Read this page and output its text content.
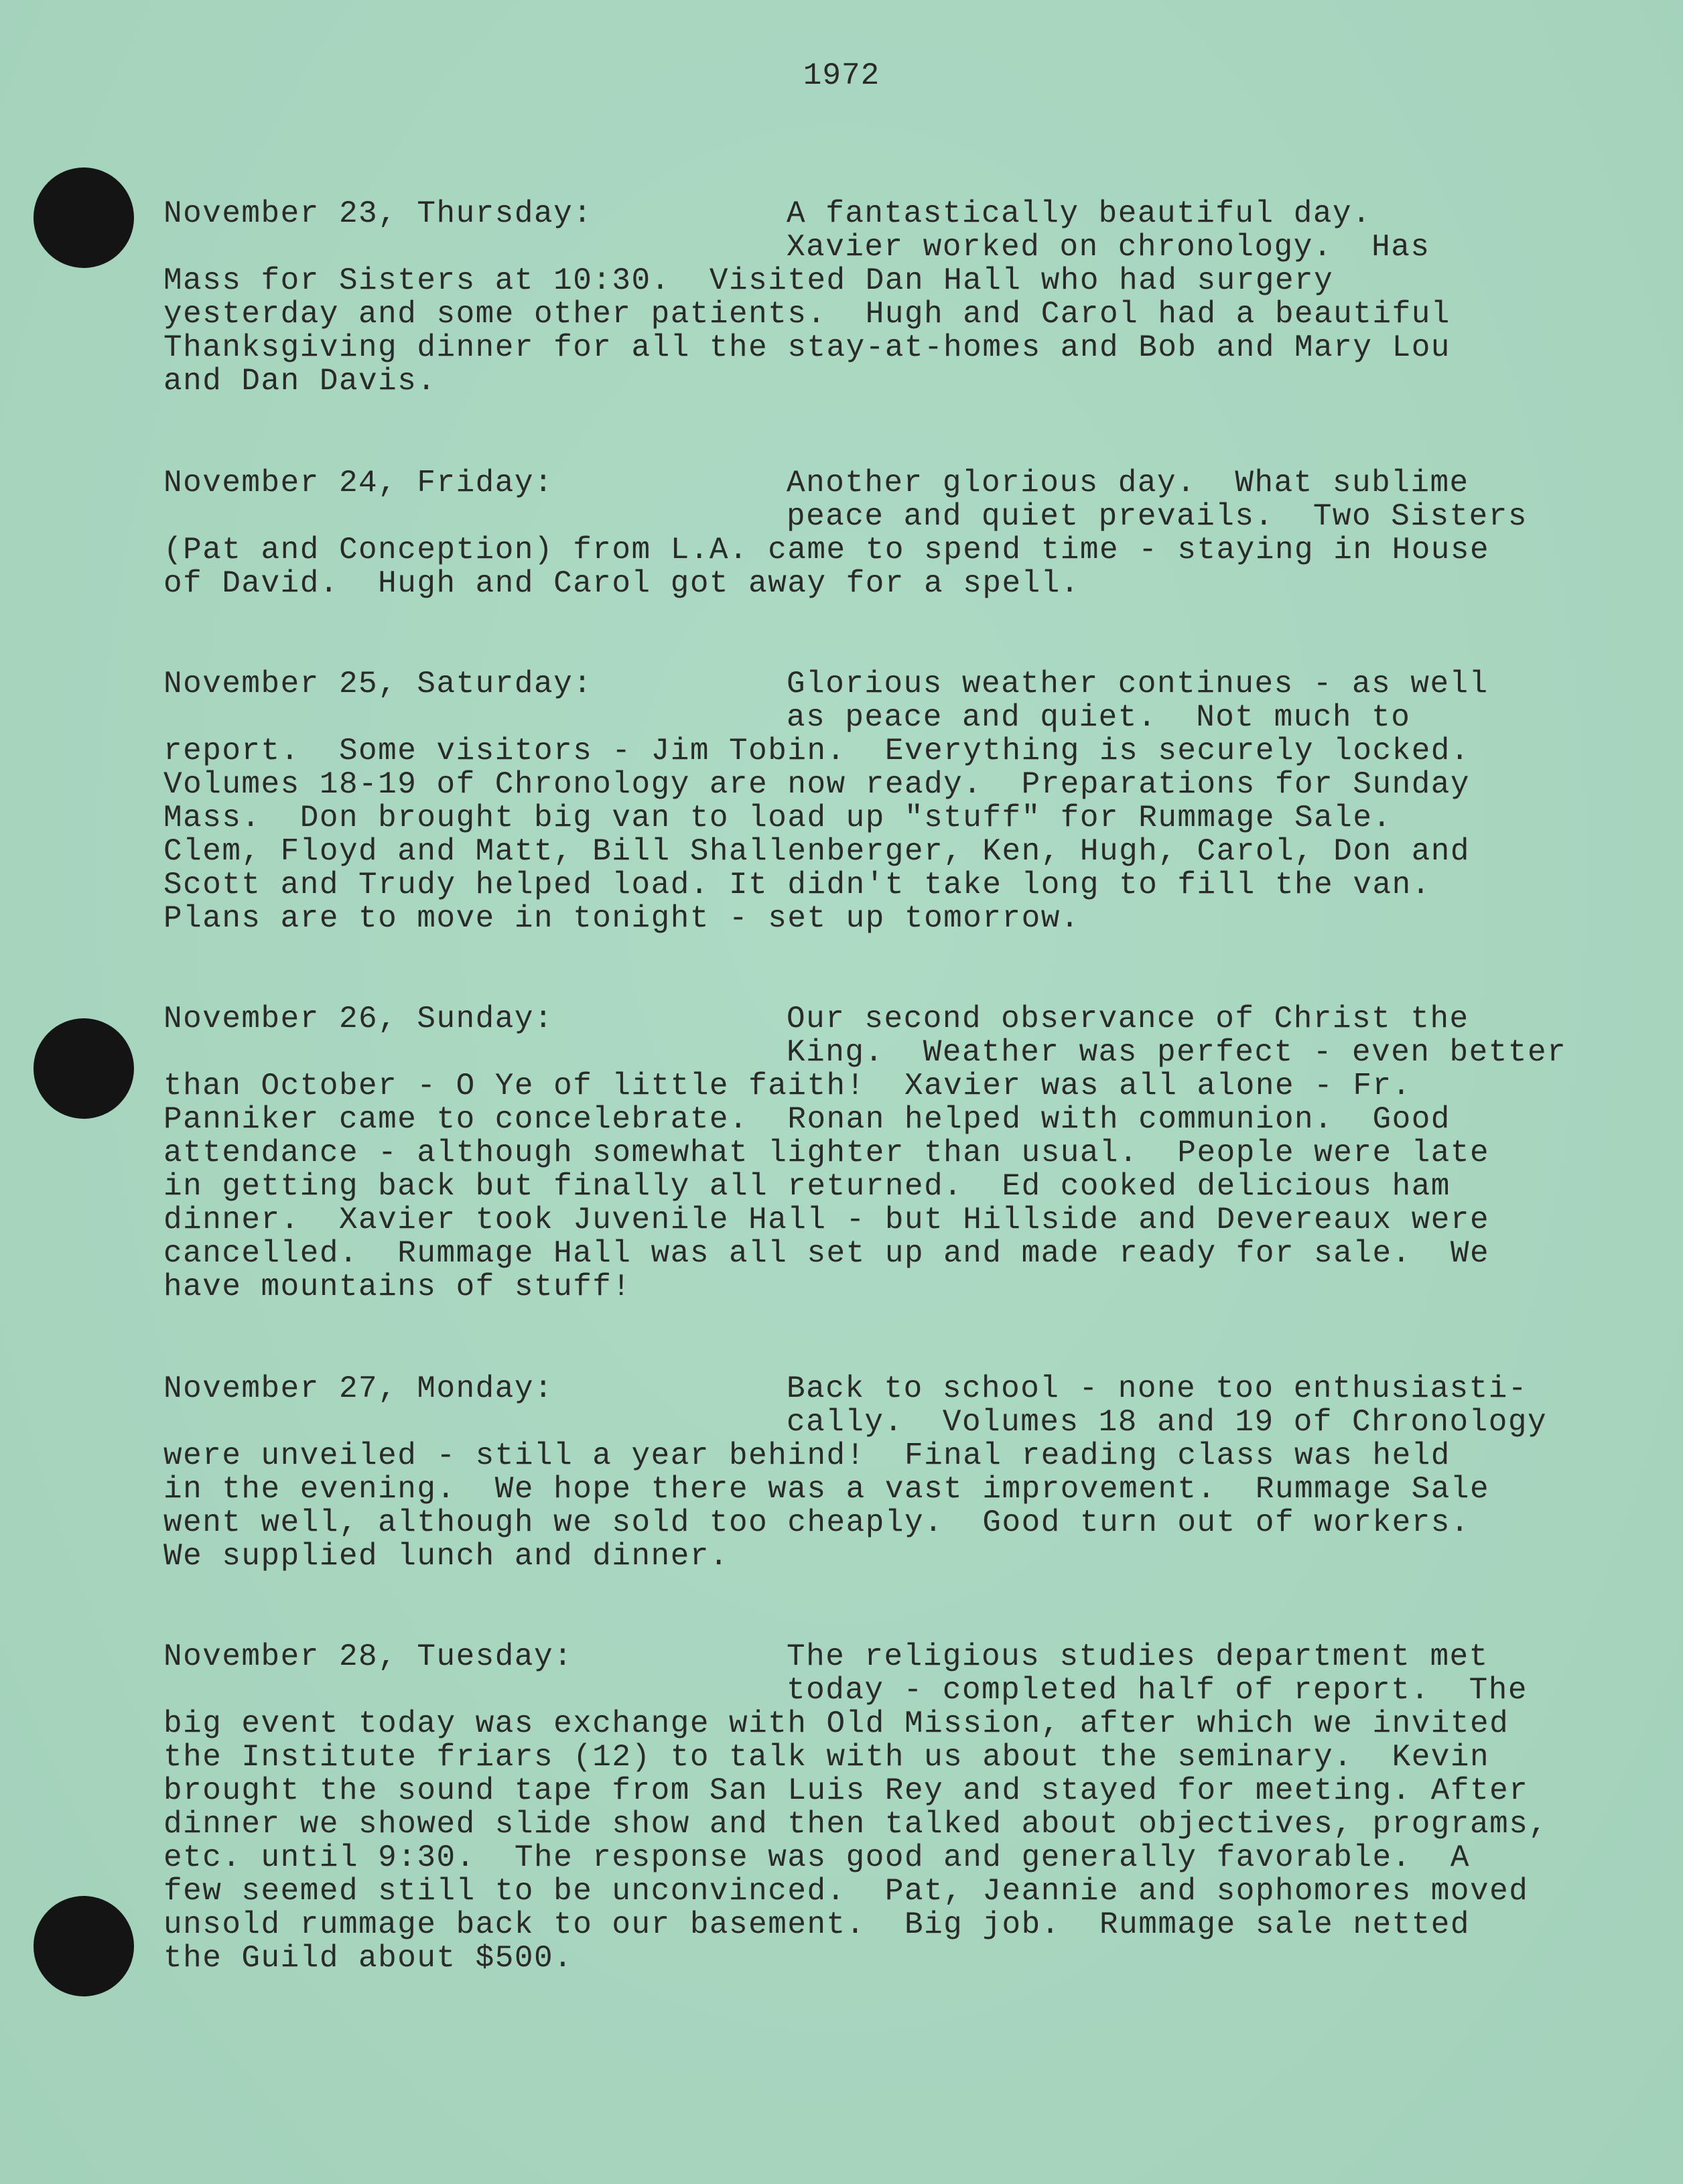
1972
November 23, Thursday:	A fantastically beautiful day.
Xavier worked on chronology.  Has
Mass for Sisters at 10:30.  Visited Dan Hall who had surgery
yesterday and some other patients.  Hugh and Carol had a beautiful
Thanksgiving dinner for all the stay-at-homes and Bob and Mary Lou
and Dan Davis.
November 24, Friday:	Another glorious day.  What sublime
peace and quiet prevails.  Two Sisters
(Pat and Conception) from L.A. came to spend time - staying in House
of David.  Hugh and Carol got away for a spell.
November 25, Saturday:	Glorious weather continues - as well
as peace and quiet.  Not much to
report.  Some visitors - Jim Tobin.  Everything is securely locked.
Volumes 18-19 of Chronology are now ready.  Preparations for Sunday
Mass.  Don brought big van to load up "stuff" for Rummage Sale.
Clem, Floyd and Matt, Bill Shallenberger, Ken, Hugh, Carol, Don and
Scott and Trudy helped load. It didn't take long to fill the van.
Plans are to move in tonight - set up tomorrow.
November 26, Sunday:	Our second observance of Christ the
King.  Weather was perfect - even better
than October - O Ye of little faith!  Xavier was all alone - Fr.
Panniker came to concelebrate.  Ronan helped with communion.  Good
attendance - although somewhat lighter than usual.  People were late
in getting back but finally all returned.  Ed cooked delicious ham
dinner.  Xavier took Juvenile Hall - but Hillside and Devereaux were
cancelled.  Rummage Hall was all set up and made ready for sale.  We
have mountains of stuff!
November 27, Monday:	Back to school - none too enthusiasti-
cally.  Volumes 18 and 19 of Chronology
were unveiled - still a year behind!  Final reading class was held
in the evening.  We hope there was a vast improvement.  Rummage Sale
went well, although we sold too cheaply.  Good turn out of workers.
We supplied lunch and dinner.
November 28, Tuesday:	The religious studies department met
today - completed half of report.  The
big event today was exchange with Old Mission, after which we invited
the Institute friars (12) to talk with us about the seminary.  Kevin
brought the sound tape from San Luis Rey and stayed for meeting. After
dinner we showed slide show and then talked about objectives, programs,
etc. until 9:30.  The response was good and generally favorable.  A
few seemed still to be unconvinced.  Pat, Jeannie and sophomores moved
unsold rummage back to our basement.  Big job.  Rummage sale netted
the Guild about $500.
